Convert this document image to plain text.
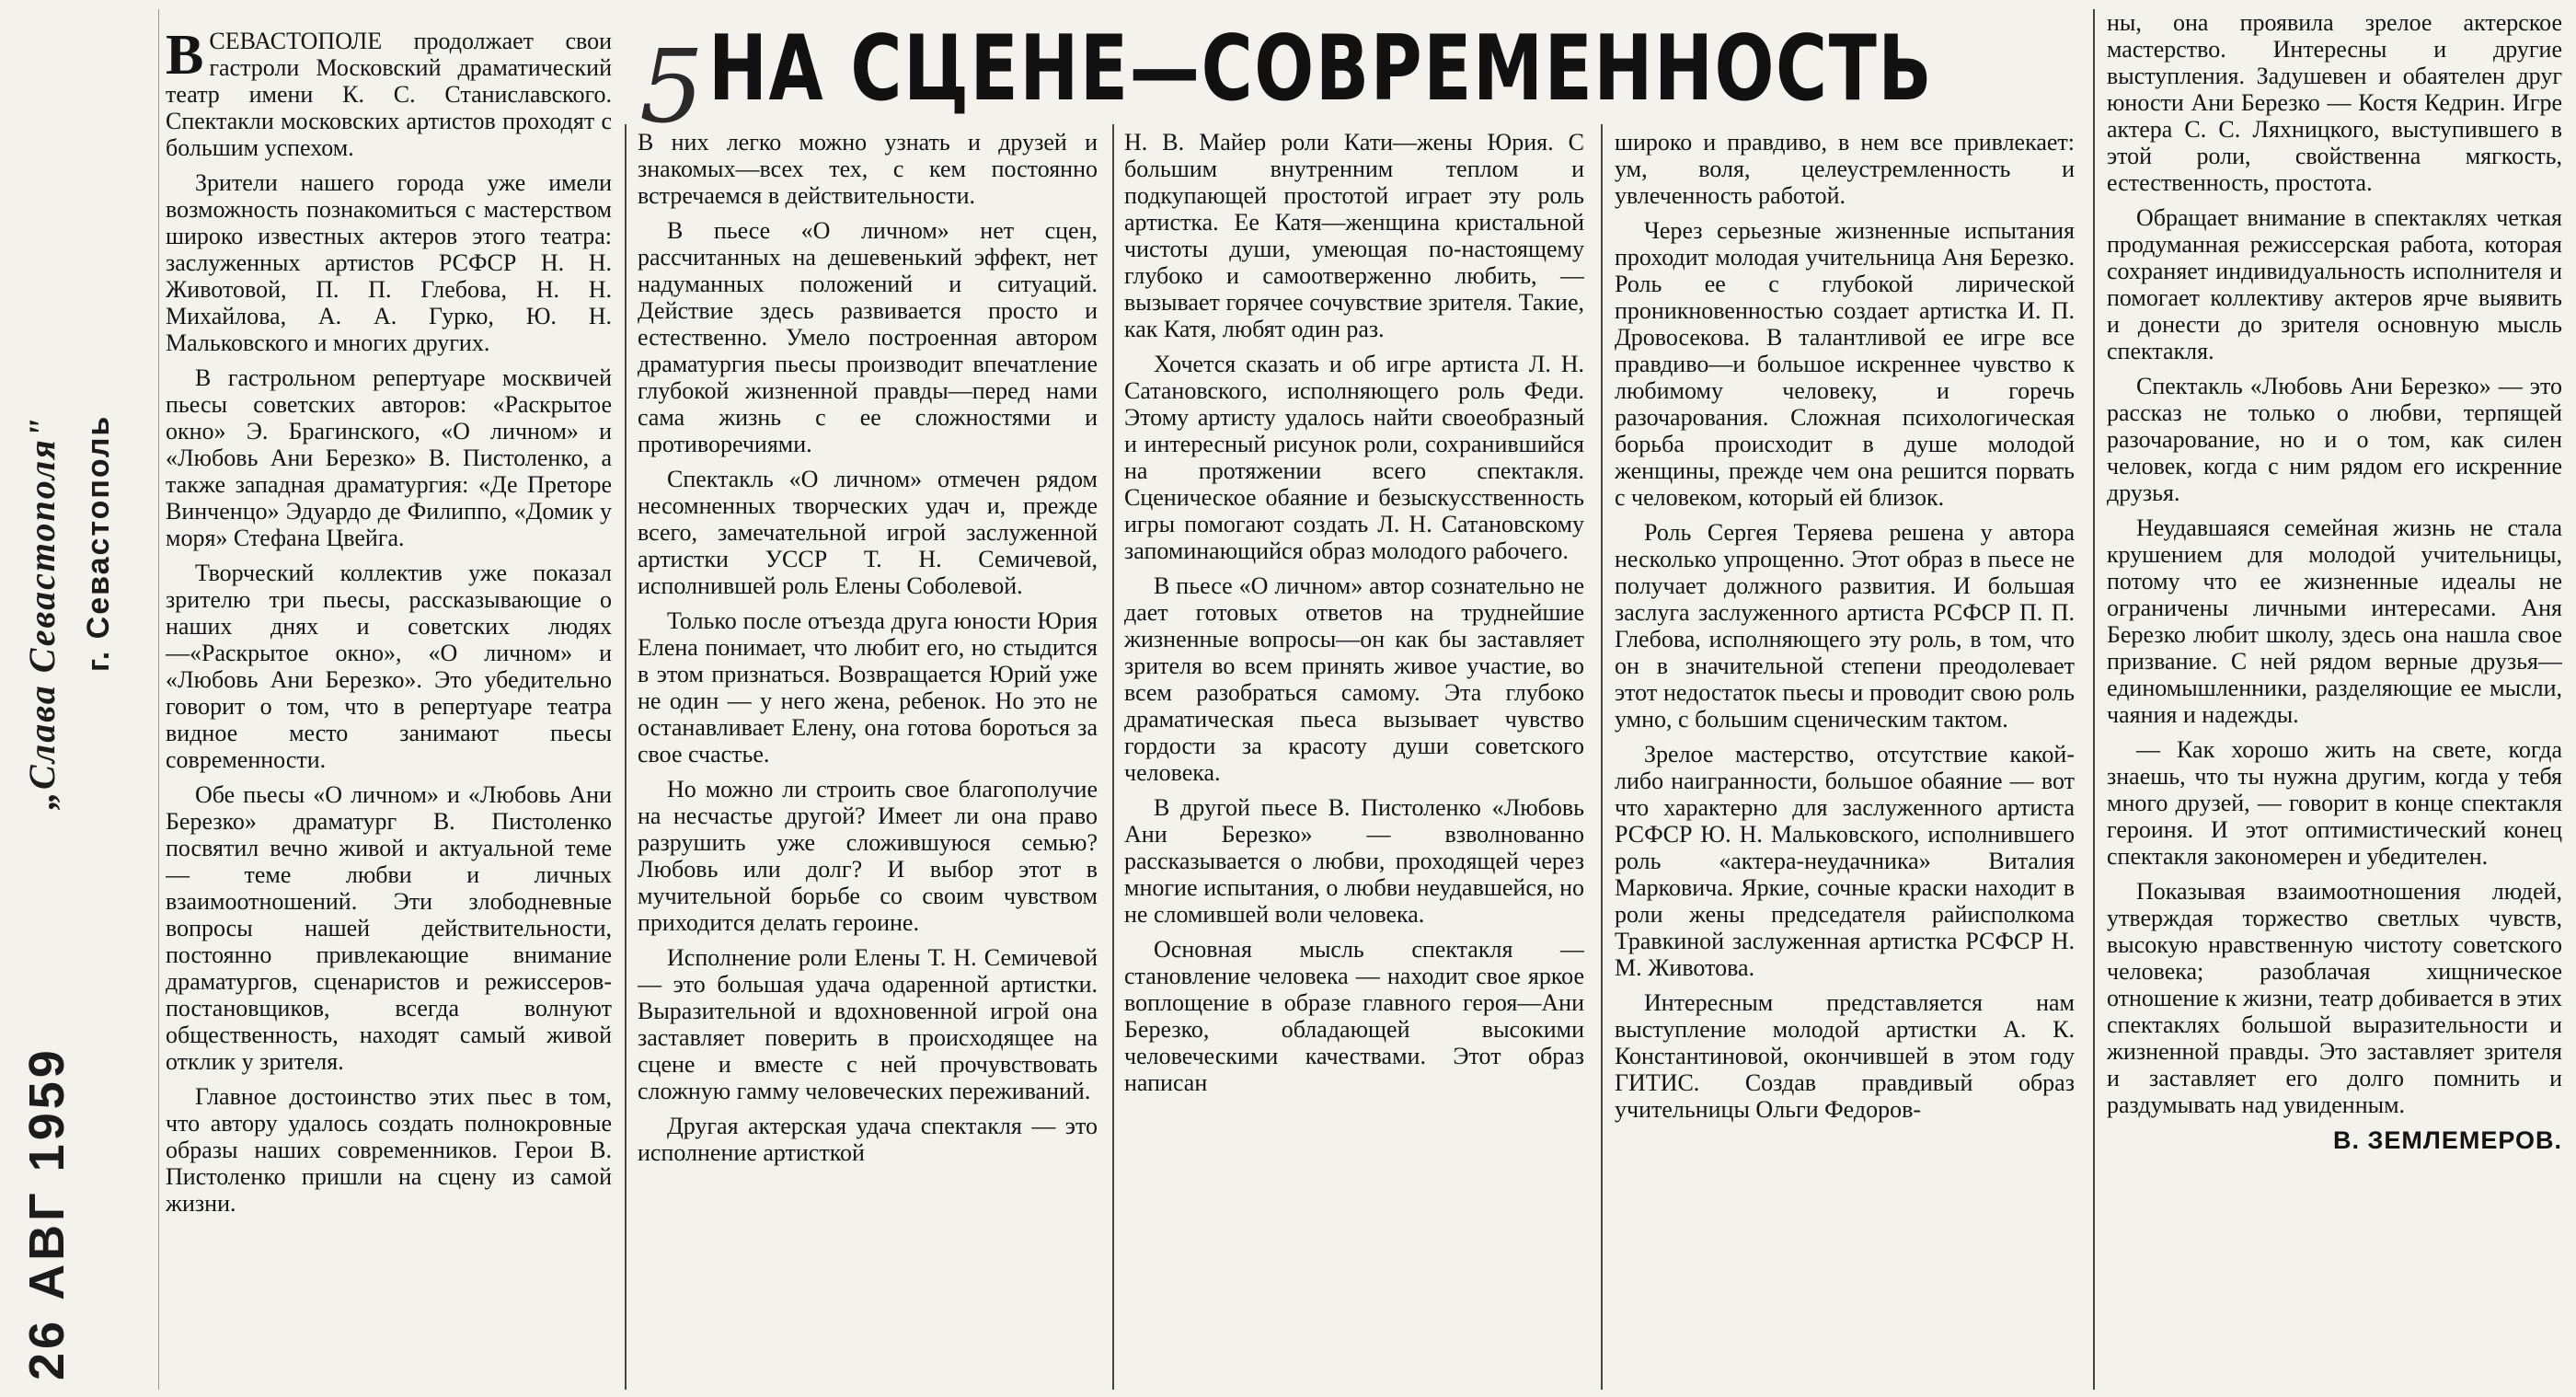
„Слава Севастополя" г. Севастополь
26 АВГ 1959
5 НА СЦЕНЕ—СОВРЕМЕННОСТЬ

ВСЕВАСТОПОЛЕ продолжает свои гастроли Московский драматический театр имени К. С. Станиславского. Спектакли московских артистов проходят с большим успехом.

Зрители нашего города уже имели возможность познакомиться с мастерством широко известных актеров этого театра: заслуженных артистов РСФСР Н. Н. Животовой, П. П. Глебова, Н. Н. Михайлова, А. А. Гурко, Ю. Н. Мальковского и многих других.

В гастрольном репертуаре москвичей пьесы советских авторов: «Раскрытое окно» Э. Брагинского, «О личном» и «Любовь Ани Березко» В. Пистоленко, а также западная драматургия: «Де Преторе Винченцо» Эдуардо де Филиппо, «Домик у моря» Стефана Цвейга.

Творческий коллектив уже показал зрителю три пьесы, рассказывающие о наших днях и советских людях—«Раскрытое окно», «О личном» и «Любовь Ани Березко». Это убедительно говорит о том, что в репертуаре театра видное место занимают пьесы современности.

Обе пьесы «О личном» и «Любовь Ани Березко» драматург В. Пистоленко посвятил вечно живой и актуальной теме — теме любви и личных взаимоотношений. Эти злободневные вопросы нашей действительности, постоянно привлекающие внимание драматургов, сценаристов и режиссеров-постановщиков, всегда волнуют общественность, находят самый живой отклик у зрителя.

Главное достоинство этих пьес в том, что автору удалось создать полнокровные образы наших современников. Герои В. Пистоленко пришли на сцену из самой жизни.

В них легко можно узнать и друзей и знакомых—всех тех, с кем постоянно встречаемся в действительности.

В пьесе «О личном» нет сцен, рассчитанных на дешевенький эффект, нет надуманных положений и ситуаций. Действие здесь развивается просто и естественно. Умело построенная автором драматургия пьесы производит впечатление глубокой жизненной правды—перед нами сама жизнь с ее сложностями и противоречиями.

Спектакль «О личном» отмечен рядом несомненных творческих удач и, прежде всего, замечательной игрой заслуженной артистки УССР Т. Н. Семичевой, исполнившей роль Елены Соболевой.

Только после отъезда друга юности Юрия Елена понимает, что любит его, но стыдится в этом признаться. Возвращается Юрий уже не один — у него жена, ребенок. Но это не останавливает Елену, она готова бороться за свое счастье.

Но можно ли строить свое благополучие на несчастье другой? Имеет ли она право разрушить уже сложившуюся семью? Любовь или долг? И выбор этот в мучительной борьбе со своим чувством приходится делать героине.

Исполнение роли Елены Т. Н. Семичевой — это большая удача одаренной артистки. Выразительной и вдохновенной игрой она заставляет поверить в происходящее на сцене и вместе с ней прочувствовать сложную гамму человеческих переживаний.

Другая актерская удача спектакля — это исполнение артисткой

Н. В. Майер роли Кати—жены Юрия. С большим внутренним теплом и подкупающей простотой играет эту роль артистка. Ее Катя—женщина кристальной чистоты души, умеющая по-настоящему глубоко и самоотверженно любить, — вызывает горячее сочувствие зрителя. Такие, как Катя, любят один раз.

Хочется сказать и об игре артиста Л. Н. Сатановского, исполняющего роль Феди. Этому артисту удалось найти своеобразный и интересный рисунок роли, сохранившийся на протяжении всего спектакля. Сценическое обаяние и безыскусственность игры помогают создать Л. Н. Сатановскому запоминающийся образ молодого рабочего.

В пьесе «О личном» автор сознательно не дает готовых ответов на труднейшие жизненные вопросы—он как бы заставляет зрителя во всем принять живое участие, во всем разобраться самому. Эта глубоко драматическая пьеса вызывает чувство гордости за красоту души советского человека.

В другой пьесе В. Пистоленко «Любовь Ани Березко» — взволнованно рассказывается о любви, проходящей через многие испытания, о любви неудавшейся, но не сломившей воли человека.

Основная мысль спектакля — становление человека — находит свое яркое воплощение в образе главного героя—Ани Березко, обладающей высокими человеческими качествами. Этот образ написан

широко и правдиво, в нем все привлекает: ум, воля, целеустремленность и увлеченность работой.

Через серьезные жизненные испытания проходит молодая учительница Аня Березко. Роль ее с глубокой лирической проникновенностью создает артистка И. П. Дровосекова. В талантливой ее игре все правдиво—и большое искреннее чувство к любимому человеку, и горечь разочарования. Сложная психологическая борьба происходит в душе молодой женщины, прежде чем она решится порвать с человеком, который ей близок.

Роль Сергея Теряева решена у автора несколько упрощенно. Этот образ в пьесе не получает должного развития. И большая заслуга заслуженного артиста РСФСР П. П. Глебова, исполняющего эту роль, в том, что он в значительной степени преодолевает этот недостаток пьесы и проводит свою роль умно, с большим сценическим тактом.

Зрелое мастерство, отсутствие какой-либо наигранности, большое обаяние — вот что характерно для заслуженного артиста РСФСР Ю. Н. Мальковского, исполнившего роль «актера-неудачника» Виталия Марковича. Яркие, сочные краски находит в роли жены председателя райисполкома Травкиной заслуженная артистка РСФСР Н. М. Животова.

Интересным представляется нам выступление молодой артистки А. К. Константиновой, окончившей в этом году ГИТИС. Создав правдивый образ учительницы Ольги Федоров-

ны, она проявила зрелое актерское мастерство. Интересны и другие выступления. Задушевен и обаятелен друг юности Ани Березко — Костя Кедрин. Игре актера С. С. Ляхницкого, выступившего в этой роли, свойственна мягкость, естественность, простота.

Обращает внимание в спектаклях четкая продуманная режиссерская работа, которая сохраняет индивидуальность исполнителя и помогает коллективу актеров ярче выявить и донести до зрителя основную мысль спектакля.

Спектакль «Любовь Ани Березко» — это рассказ не только о любви, терпящей разочарование, но и о том, как силен человек, когда с ним рядом его искренние друзья.

Неудавшаяся семейная жизнь не стала крушением для молодой учительницы, потому что ее жизненные идеалы не ограничены личными интересами. Аня Березко любит школу, здесь она нашла свое призвание. С ней рядом верные друзья—единомышленники, разделяющие ее мысли, чаяния и надежды.

— Как хорошо жить на свете, когда знаешь, что ты нужна другим, когда у тебя много друзей, — говорит в конце спектакля героиня. И этот оптимистический конец спектакля закономерен и убедителен.

Показывая взаимоотношения людей, утверждая торжество светлых чувств, высокую нравственную чистоту советского человека; разоблачая хищническое отношение к жизни, театр добивается в этих спектаклях большой выразительности и жизненной правды. Это заставляет зрителя и заставляет его долго помнить и раздумывать над увиденным.

В. ЗЕМЛЕМЕРОВ.
